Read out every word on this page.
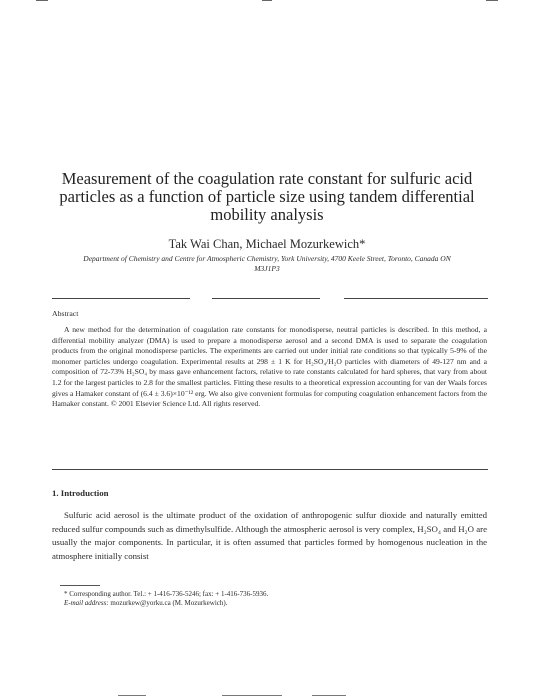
Measurement of the coagulation rate constant for sulfuric acid particles as a function of particle size using tandem differential mobility analysis
Tak Wai Chan, Michael Mozurkewich*
Department of Chemistry and Centre for Atmospheric Chemistry, York University, 4700 Keele Street, Toronto, Canada ON M3J1P3
Abstract

A new method for the determination of coagulation rate constants for monodisperse, neutral particles is described. In this method, a differential mobility analyzer (DMA) is used to prepare a monodisperse aerosol and a second DMA is used to separate the coagulation products from the original monodisperse particles. The experiments are carried out under initial rate conditions so that typically 5-9% of the monomer particles undergo coagulation. Experimental results at 298 ± 1 K for H₂SO₄/H₂O particles with diameters of 49-127 nm and a composition of 72-73% H₂SO₄ by mass gave enhancement factors, relative to rate constants calculated for hard spheres, that vary from about 1.2 for the largest particles to 2.8 for the smallest particles. Fitting these results to a theoretical expression accounting for van der Waals forces gives a Hamaker constant of (6.4 ± 3.6)×10⁻¹² erg. We also give convenient formulas for computing coagulation enhancement factors from the Hamaker constant. © 2001 Elsevier Science Ltd. All rights reserved.

1. Introduction

Sulfuric acid aerosol is the ultimate product of the oxidation of anthropogenic sulfur dioxide and naturally emitted reduced sulfur compounds such as dimethylsulfide. Although the atmospheric aerosol is very complex, H₂SO₄ and H₂O are usually the major components. In particular, it is often assumed that particles formed by homogenous nucleation in the atmosphere initially consist

* Corresponding author. Tel.: + 1-416-736-5246; fax: + 1-416-736-5936.
E-mail address: mozurkew@yorku.ca (M. Mozurkewich).
